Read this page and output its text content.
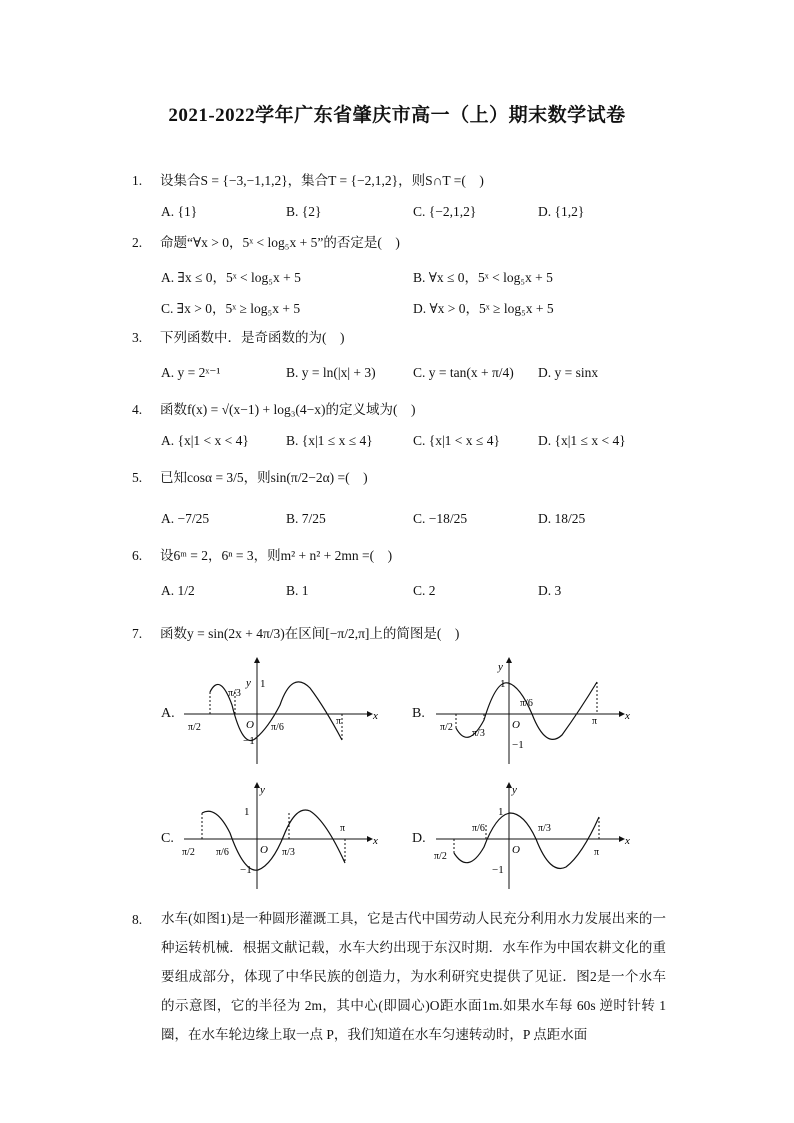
2021-2022学年广东省肇庆市高一（上）期末数学试卷
1. 设集合S = {−3,−1,1,2}，集合T = {−2,1,2}，则S∩T =(　)
A. {1}	B. {2}	C. {−2,1,2}	D. {1,2}
2. 命题“∀x > 0，5ˣ < log₅x + 5”的否定是(　)
A. ∃x ≤ 0，5ˣ < log₅x + 5	B. ∀x ≤ 0，5ˣ < log₅x + 5
C. ∃x > 0，5ˣ ≥ log₅x + 5	D. ∀x > 0，5ˣ ≥ log₅x + 5
3. 下列函数中．是奇函数的为(　)
A. y = 2ˣ⁻¹	B. y = ln(|x| + 3)	C. y = tan(x + π/4) D. y = sinx
4. 函数f(x) = √(x−1) + log₃(4−x)的定义域为(　)
A. {x|1 < x < 4}	B. {x|1 ≤ x ≤ 4}	C. {x|1 < x ≤ 4}	D. {x|1 ≤ x < 4}
5. 已知cosα = 3/5，则sin(π/2−2α) =(　)
A. −7/25	B. 7/25	C. −18/25	D. 18/25
6. 设6ᵐ = 2，6ⁿ = 3，则m² + n² + 2mn =(　)
A. 1/2	B. 1	C. 2	D. 3
7. 函数y = sin(2x + 4π/3)在区间[−π/2,π]上的简图是(　)
A.	B.
C.	D.
y
x
O
1
−1
π/2
π/3
π/6
π
y
x
O
1
−1
π/2
π/3
π/6
π
y
x
O
1
−1
π/2 π/6	π/3
π
y
x
O
1
−1
π/2
π/6	π/3
π
8.	水车(如图1)是一种圆形灌溉工具，它是古代中国劳动人民充分利用水力发展出来的一种运转机械．根据文献记载，水车大约出现于东汉时期．水车作为中国农耕文化的重要组成部分，体现了中华民族的创造力，为水利研究史提供了见证．图2是一个水车的示意图，它的半径为 2m，其中心(即圆心)O距水面1m.如果水车每 60s 逆时针转 1 圈，在水车轮边缘上取一点 P，我们知道在水车匀速转动时，P 点距水面
